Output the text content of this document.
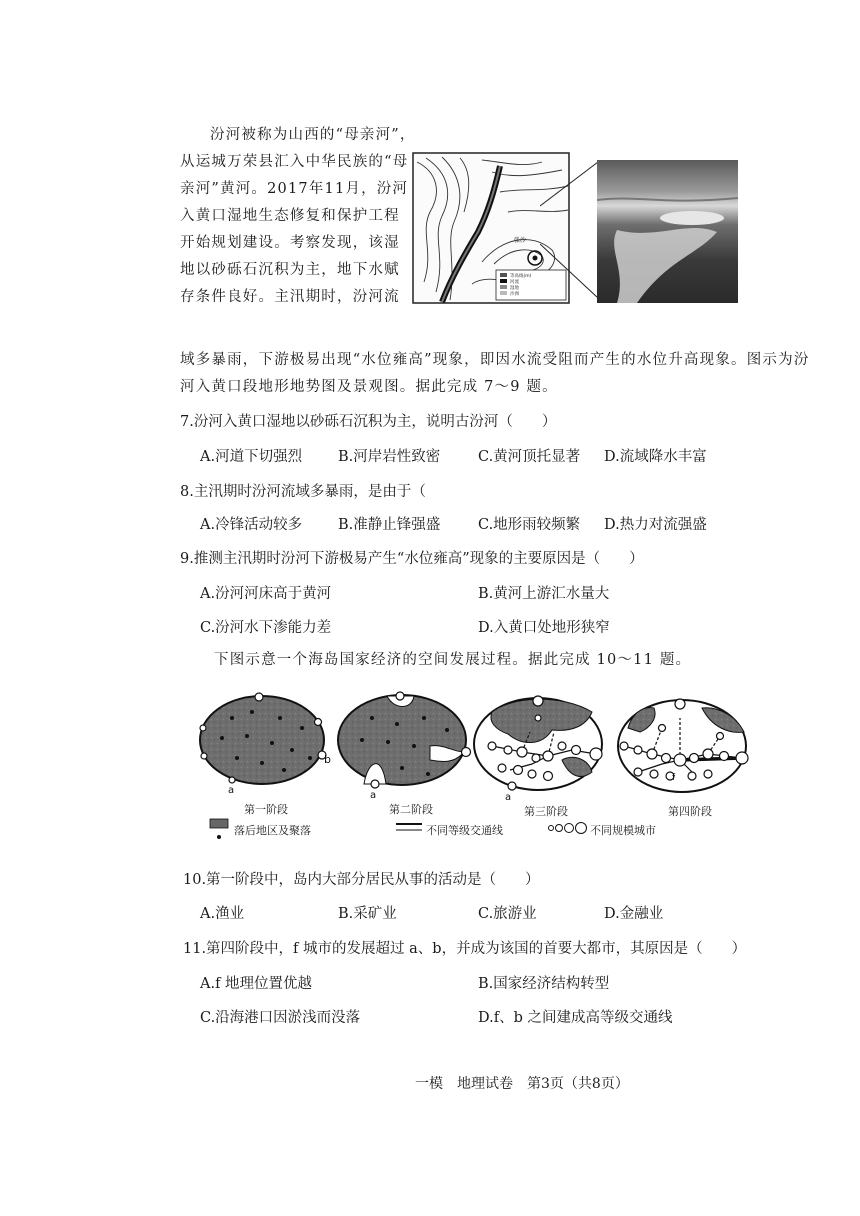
汾河被称为山西的“母亲河”，
从运城万荣县汇入中华民族的“母
亲河”黄河。2017年11月，汾河
入黄口湿地生态修复和保护工程
开始规划建设。考察发现，该湿
地以砂砾石沉积为主，地下水赋
存条件良好。主汛期时，汾河流
张沙
等高线(m)
河流
湿地
沙洲
域多暴雨，下游极易出现“水位雍高”现象，即因水流受阻而产生的水位升高现象。图示为汾
河入黄口段地形地势图及景观图。据此完成 7～9 题。
7.汾河入黄口湿地以砂砾石沉积为主，说明古汾河（　　）
A.河道下切强烈 B.河岸岩性致密	C.黄河顶托显著 D.流域降水丰富
8.主汛期时汾河流域多暴雨，是由于（
A.冷锋活动较多 B.准静止锋强盛	C.地形雨较频繁 D.热力对流强盛
9.推测主汛期时汾河下游极易产生“水位雍高”现象的主要原因是（　　）
A.汾河河床高于黄河	B.黄河上游汇水量大
C.汾河水下渗能力差	D.入黄口处地形狭窄
下图示意一个海岛国家经济的空间发展过程。据此完成 10～11 题。
b
a	a	a
f
第一阶段	第二阶段	第三阶段	第四阶段
落后地区及聚落	不同等级交通线	不同规模城市
10.第一阶段中，岛内大部分居民从事的活动是（　　）
A.渔业	B.采矿业	C.旅游业	D.金融业
11.第四阶段中，f 城市的发展超过 a、b，并成为该国的首要大都市，其原因是（　　）
A.f 地理位置优越	B.国家经济结构转型
C.沿海港口因淤浅而没落	D.f、b 之间建成高等级交通线
一模　地理试卷　第3页（共8页）
